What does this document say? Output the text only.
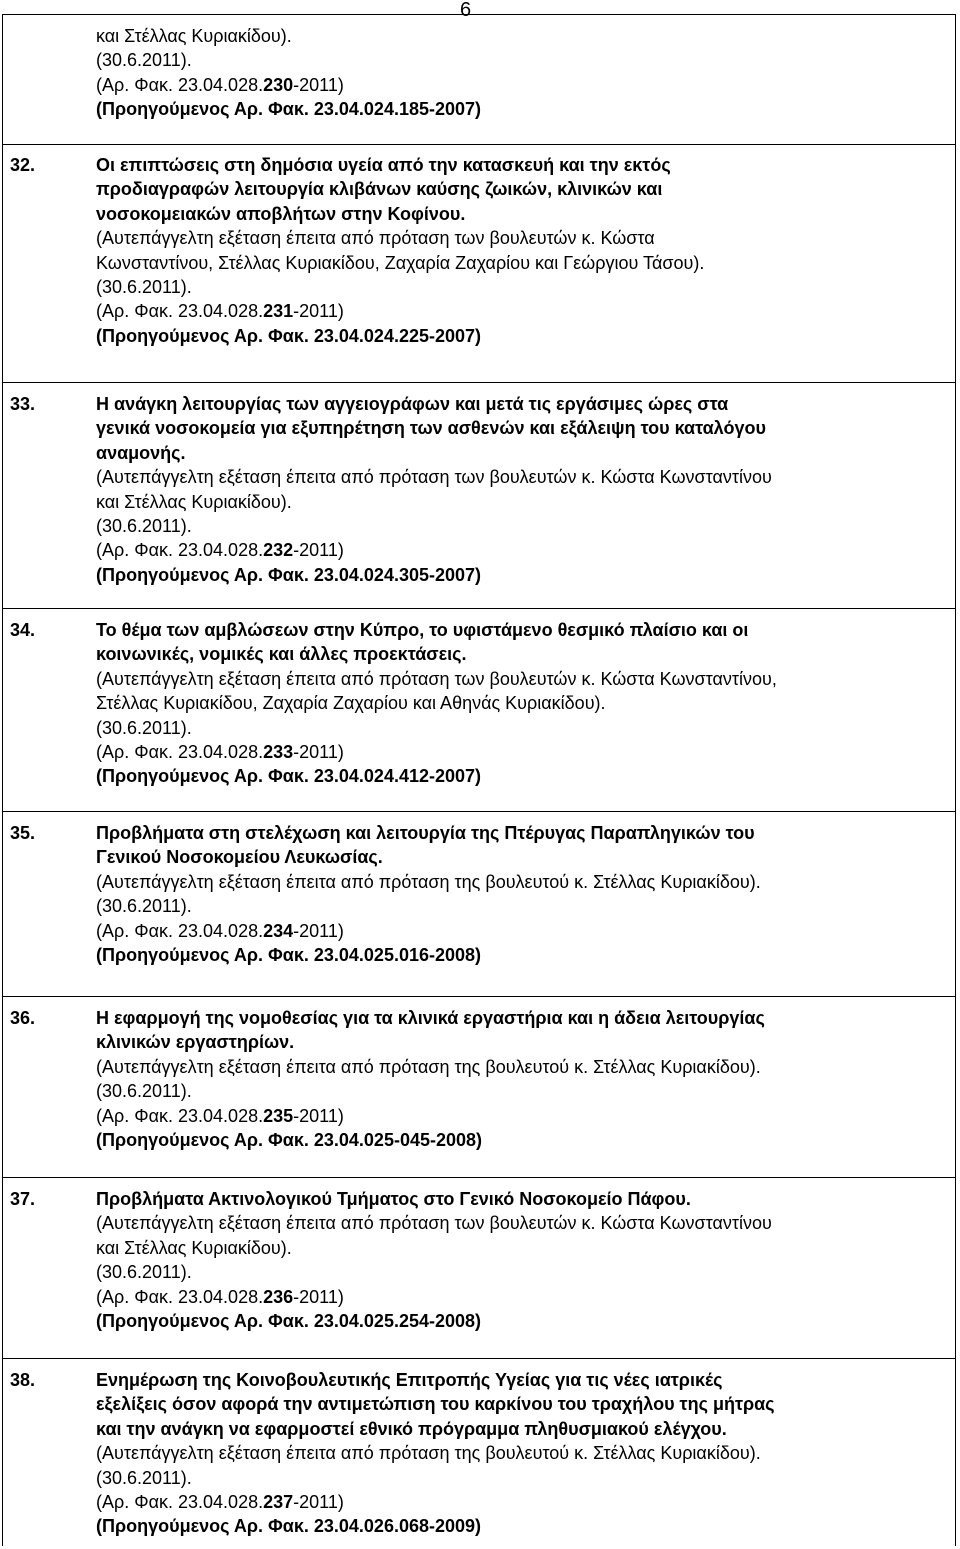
6
και Στέλλας Κυριακίδου).
(30.6.2011).
(Αρ. Φακ. 23.04.028.230-2011)
(Προηγούμενος Αρ. Φακ. 23.04.024.185-2007)
32.	Οι επιπτώσεις στη δημόσια υγεία από την κατασκευή και την εκτός
προδιαγραφών λειτουργία κλιβάνων καύσης ζωικών, κλινικών και
νοσοκομειακών αποβλήτων στην Κοφίνου.
(Αυτεπάγγελτη εξέταση έπειτα από πρόταση των βουλευτών κ. Κώστα
Κωνσταντίνου, Στέλλας Κυριακίδου, Ζαχαρία Ζαχαρίου και Γεώργιου Τάσου).
(30.6.2011).
(Αρ. Φακ. 23.04.028.231-2011)
(Προηγούμενος Αρ. Φακ. 23.04.024.225-2007)
33.	Η ανάγκη λειτουργίας των αγγειογράφων και μετά τις εργάσιμες ώρες στα
γενικά νοσοκομεία για εξυπηρέτηση των ασθενών και εξάλειψη του καταλόγου
αναμονής.
(Αυτεπάγγελτη εξέταση έπειτα από πρόταση των βουλευτών κ. Κώστα Κωνσταντίνου
και Στέλλας Κυριακίδου).
(30.6.2011).
(Αρ. Φακ. 23.04.028.232-2011)
(Προηγούμενος Αρ. Φακ. 23.04.024.305-2007)
34.	Το θέμα των αμβλώσεων στην Κύπρο, το υφιστάμενο θεσμικό πλαίσιο και οι
κοινωνικές, νομικές και άλλες προεκτάσεις.
(Αυτεπάγγελτη εξέταση έπειτα από πρόταση των βουλευτών κ. Κώστα Κωνσταντίνου,
Στέλλας Κυριακίδου, Ζαχαρία Ζαχαρίου και Αθηνάς Κυριακίδου).
(30.6.2011).
(Αρ. Φακ. 23.04.028.233-2011)
(Προηγούμενος Αρ. Φακ. 23.04.024.412-2007)
35.	Προβλήματα στη στελέχωση και λειτουργία της Πτέρυγας Παραπληγικών του
Γενικού Νοσοκομείου Λευκωσίας.
(Αυτεπάγγελτη εξέταση έπειτα από πρόταση της βουλευτού κ. Στέλλας Κυριακίδου).
(30.6.2011).
(Αρ. Φακ. 23.04.028.234-2011)
(Προηγούμενος Αρ. Φακ. 23.04.025.016-2008)
36.	Η εφαρμογή της νομοθεσίας για τα κλινικά εργαστήρια και η άδεια λειτουργίας
κλινικών εργαστηρίων.
(Αυτεπάγγελτη εξέταση έπειτα από πρόταση της βουλευτού κ. Στέλλας Κυριακίδου).
(30.6.2011).
(Αρ. Φακ. 23.04.028.235-2011)
(Προηγούμενος Αρ. Φακ. 23.04.025-045-2008)
37.	Προβλήματα Ακτινολογικού Τμήματος στο Γενικό Νοσοκομείο Πάφου.
(Αυτεπάγγελτη εξέταση έπειτα από πρόταση των βουλευτών κ. Κώστα Κωνσταντίνου
και Στέλλας Κυριακίδου).
(30.6.2011).
(Αρ. Φακ. 23.04.028.236-2011)
(Προηγούμενος Αρ. Φακ. 23.04.025.254-2008)
38.	Ενημέρωση της Κοινοβουλευτικής Επιτροπής Υγείας για τις νέες ιατρικές
εξελίξεις όσον αφορά την αντιμετώπιση του καρκίνου του τραχήλου της μήτρας
και την ανάγκη να εφαρμοστεί εθνικό πρόγραμμα πληθυσμιακού ελέγχου.
(Αυτεπάγγελτη εξέταση έπειτα από πρόταση της βουλευτού κ. Στέλλας Κυριακίδου).
(30.6.2011).
(Αρ. Φακ. 23.04.028.237-2011)
(Προηγούμενος Αρ. Φακ. 23.04.026.068-2009)
